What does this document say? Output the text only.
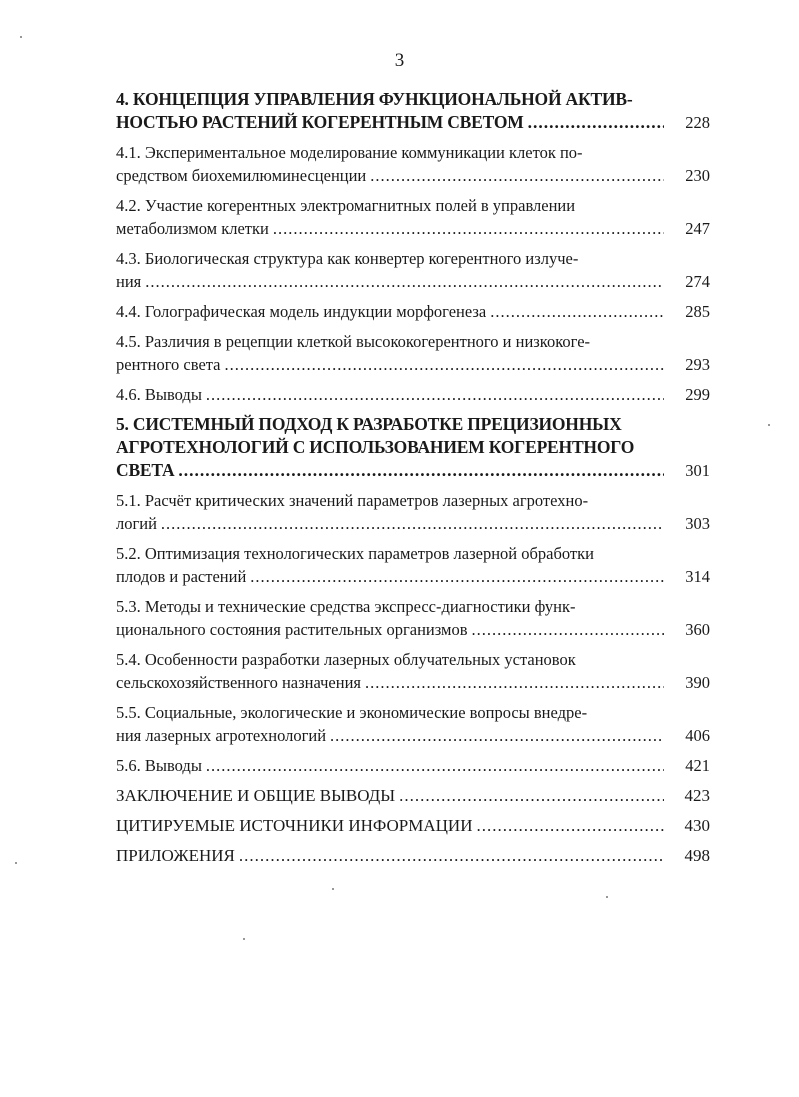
3
4. КОНЦЕПЦИЯ УПРАВЛЕНИЯ ФУНКЦИОНАЛЬНОЙ АКТИВ-
НОСТЬЮ РАСТЕНИЙ КОГЕРЕНТНЫМ СВЕТОМ .....	228
4.1. Экспериментальное моделирование коммуникации клеток по-
средством биохемилюминесценции .....	230
4.2. Участие когерентных электромагнитных полей в управлении
метаболизмом клетки .....	247
4.3. Биологическая структура как конвертер когерентного излуче-
ния .....	274
4.4. Голографическая модель индукции морфогенеза .....	285
4.5. Различия в рецепции клеткой высококогерентного и низкокоге-
рентного света .....	293
4.6. Выводы .....	299
5. СИСТЕМНЫЙ ПОДХОД К РАЗРАБОТКЕ ПРЕЦИЗИОННЫХ
АГРОТЕХНОЛОГИЙ С ИСПОЛЬЗОВАНИЕМ КОГЕРЕНТНОГО
СВЕТА .....	301
5.1. Расчёт критических значений параметров лазерных агротехно-
логий .....	303
5.2. Оптимизация технологических параметров лазерной обработки
плодов и растений .....	314
5.3. Методы и технические средства экспресс-диагностики функ-
ционального состояния растительных организмов .....	360
5.4. Особенности разработки лазерных облучательных установок
сельскохозяйственного назначения .....	390
5.5. Социальные, экологические и экономические вопросы внедре-
ния лазерных агротехнологий .....	406
5.6. Выводы .....	421
ЗАКЛЮЧЕНИЕ И ОБЩИЕ ВЫВОДЫ .....	423
ЦИТИРУЕМЫЕ ИСТОЧНИКИ ИНФОРМАЦИИ .....	430
ПРИЛОЖЕНИЯ .....	498
